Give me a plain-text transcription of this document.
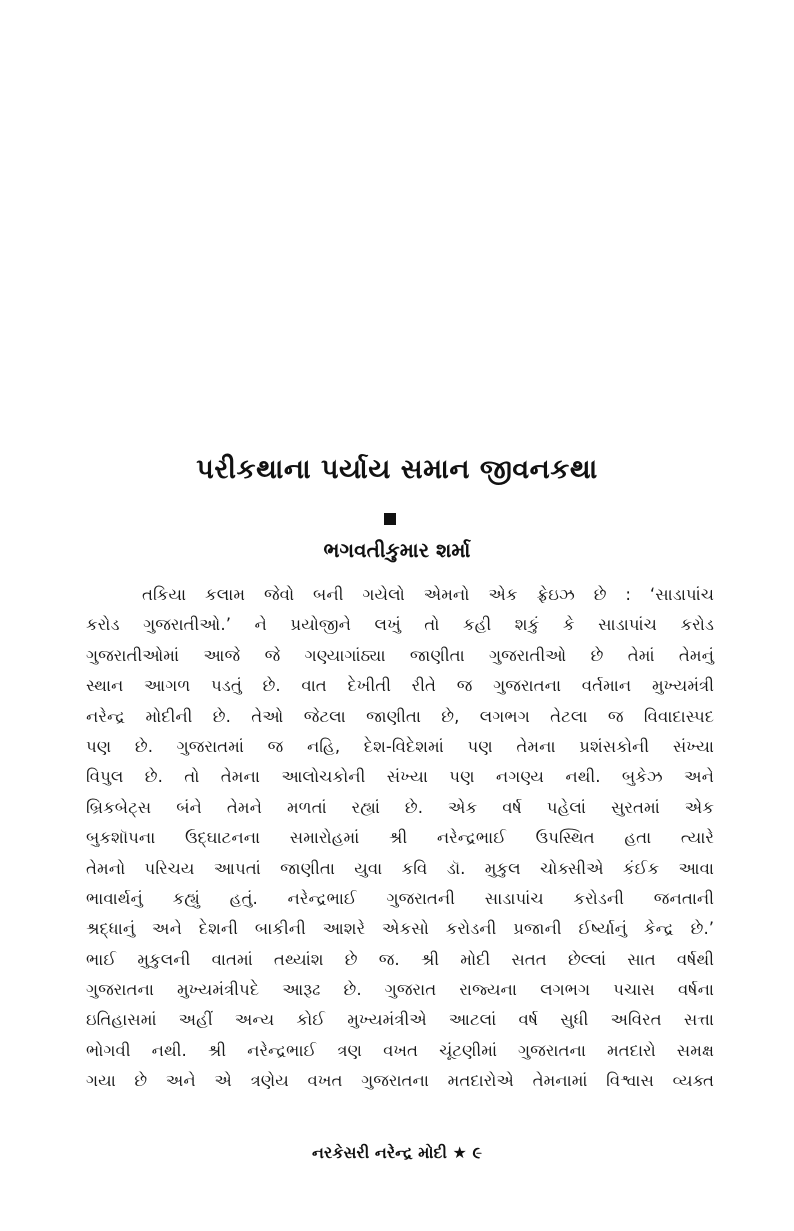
પરીકથાના પર્યાય સમાન જીવનકથા
ભગવતીકુમાર શર્મા
તકિયા કલામ જેવો બની ગયેલો એમનો એક ફ્રેઇઝ છે : ‘સાડાપાંચ
કરોડ ગુજરાતીઓ.’ ને પ્રયોજીને લખું તો કહી શકું કે સાડાપાંચ કરોડ
ગુજરાતીઓમાં આજે જે ગણ્યાગાંઠ્યા જાણીતા ગુજરાતીઓ છે તેમાં તેમનું
સ્થાન આગળ પડતું છે. વાત દેખીતી રીતે જ ગુજરાતના વર્તમાન મુખ્યમંત્રી
નરેન્દ્ર મોદીની છે. તેઓ જેટલા જાણીતા છે, લગભગ તેટલા જ વિવાદાસ્પદ
પણ છે. ગુજરાતમાં જ નહિ, દેશ-વિદેશમાં પણ તેમના પ્રશંસકોની સંખ્યા
વિપુલ છે. તો તેમના આલોચકોની સંખ્યા પણ નગણ્ય નથી. બુકેઝ અને
બ્રિકબેટ્સ બંને તેમને મળતાં રહ્યાં છે. એક વર્ષ પહેલાં સુરતમાં એક
બુકશૉપના ઉદ્‌ઘાટનના સમારોહમાં શ્રી નરેન્દ્રભાઈ ઉપસ્થિત હતા ત્યારે
તેમનો પરિચય આપતાં જાણીતા યુવા કવિ ડૉ. મુકુલ ચોક્સીએ કંઈક આવા
ભાવાર્થનું કહ્યું હતું. નરેન્દ્રભાઈ ગુજરાતની સાડાપાંચ કરોડની જનતાની
શ્રદ્ધાનું અને દેશની બાકીની આશરે એકસો કરોડની પ્રજાની ઈર્ષ્યાનું કેન્દ્ર છે.’
ભાઈ મુકુલની વાતમાં તથ્યાંશ છે જ. શ્રી મોદી સતત છેલ્લાં સાત વર્ષથી
ગુજરાતના મુખ્યમંત્રીપદે આરૂઢ છે. ગુજરાત રાજ્યના લગભગ પચાસ વર્ષના
ઇતિહાસમાં અહીં અન્ય કોઈ મુખ્યમંત્રીએ આટલાં વર્ષ સુધી અવિરત સત્તા
ભોગવી નથી. શ્રી નરેન્દ્રભાઈ ત્રણ વખત ચૂંટણીમાં ગુજરાતના મતદારો સમક્ષ
ગયા છે અને એ ત્રણેય વખત ગુજરાતના મતદારોએ તેમનામાં વિશ્વાસ વ્યક્ત
નરકેસરી નરેન્દ્ર મોદી ★ ૯
